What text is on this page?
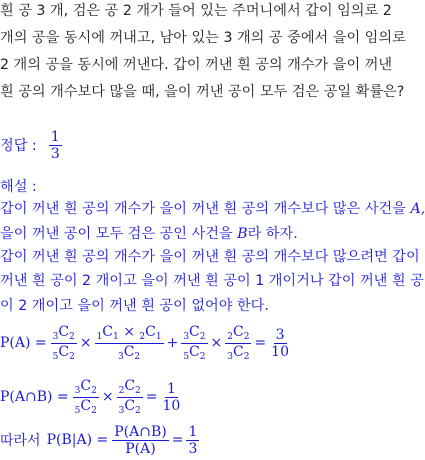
흰 공 3 개, 검은 공 2 개가 들어 있는 주머니에서 갑이 임의로 2
개의 공을 동시에 꺼내고, 남아 있는 3 개의 공 중에서 을이 임의로
2 개의 공을 동시에 꺼낸다. 갑이 꺼낸 흰 공의 개수가 을이 꺼낸
흰 공의 개수보다 많을 때, 을이 꺼낸 공이 모두 검은 공일 확률은?
정답 : $\frac{1}{3}$
해설 :
갑이 꺼낸 흰 공의 개수가 을이 꺼낸 흰 공의 개수보다 많은 사건을 A,
을이 꺼낸 공이 모두 검은 공인 사건을 B라 하자.
갑이 꺼낸 흰 공의 개수가 을이 꺼낸 흰 공의 개수보다 많으려면 갑이
꺼낸 흰 공이 2 개이고 을이 꺼낸 흰 공이 1 개이거나 갑이 꺼낸 흰 공
이 2 개이고 을이 꺼낸 흰 공이 없어야 한다.
$P(A) = \frac{_3C_2}{_5C_2} \times \frac{_1C_1 \times _2C_1}{_3C_2} + \frac{_3C_2}{_5C_2} \times \frac{_2C_2}{_3C_2} = \frac{3}{10}$
P(A∩B) = $\frac{_3C_2}{_5C_2} \times \frac{_2C_2}{_3C_2} = \frac{1}{10}$
따라서 $P(B|A) = \frac{P(A\cap B)}{P(A)} = \frac{1}{3}$
